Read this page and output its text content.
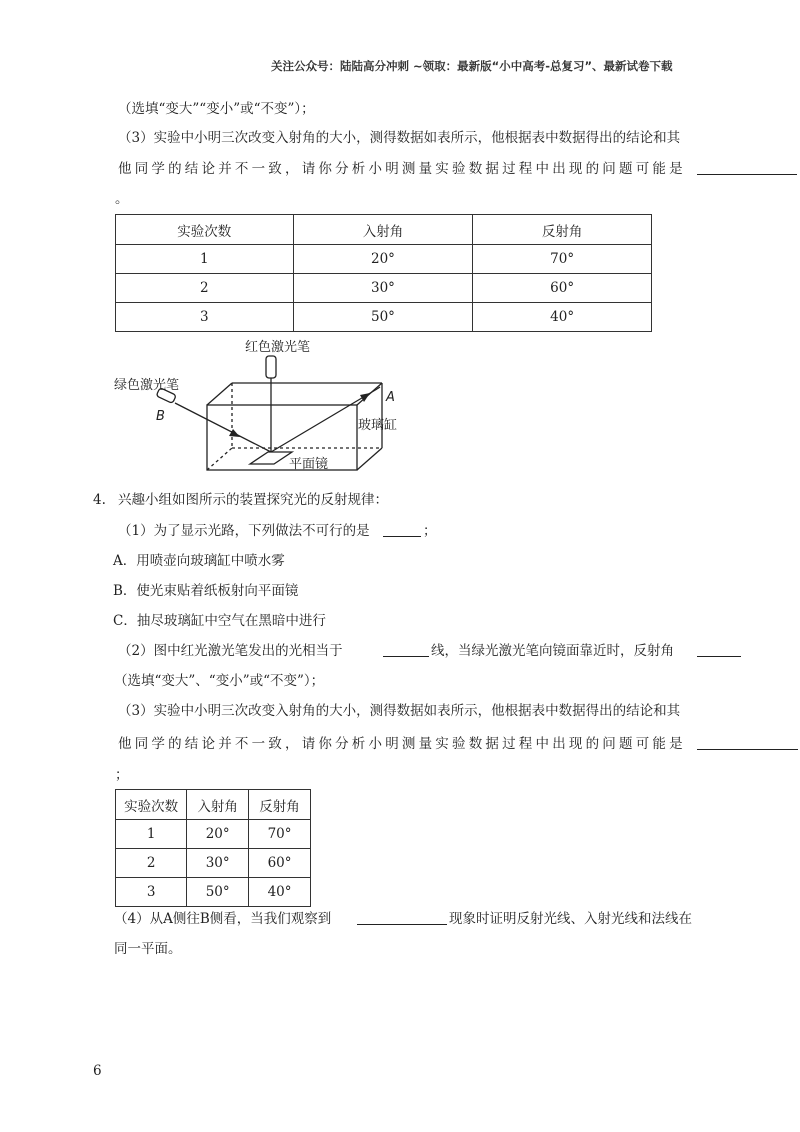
关注公众号：陆陆高分冲刺 ~领取：最新版“小中高考-总复习”、最新试卷下载
（选填“变大”“变小”或“不变”）；
（3）实验中小明三次改变入射角的大小，测得数据如表所示，他根据表中数据得出的结论和其
他同学的结论并不一致，请你分析小明测量实验数据过程中出现的问题可能是
。
实验次数	入射角	反射角
1	20°	70°
2	30°	60°
3	50°	40°
红色激光笔
绿色激光笔
B
A
玻璃缸
平面镜
4. 兴趣小组如图所示的装置探究光的反射规律：
（1）为了显示光路，下列做法不可行的是	；
A．用喷壶向玻璃缸中喷水雾
B．使光束贴着纸板射向平面镜
C．抽尽玻璃缸中空气在黑暗中进行
（2）图中红光激光笔发出的光相当于	线，当绿光激光笔向镜面靠近时，反射角
（选填“变大”、“变小”或“不变”）；
（3）实验中小明三次改变入射角的大小，测得数据如表所示，他根据表中数据得出的结论和其
他同学的结论并不一致，请你分析小明测量实验数据过程中出现的问题可能是
；
实验次数	入射角	反射角
1	20°	70°
2	30°	60°
3	50°	40°
（4）从A侧往B侧看，当我们观察到	现象时证明反射光线、入射光线和法线在
同一平面。
6
